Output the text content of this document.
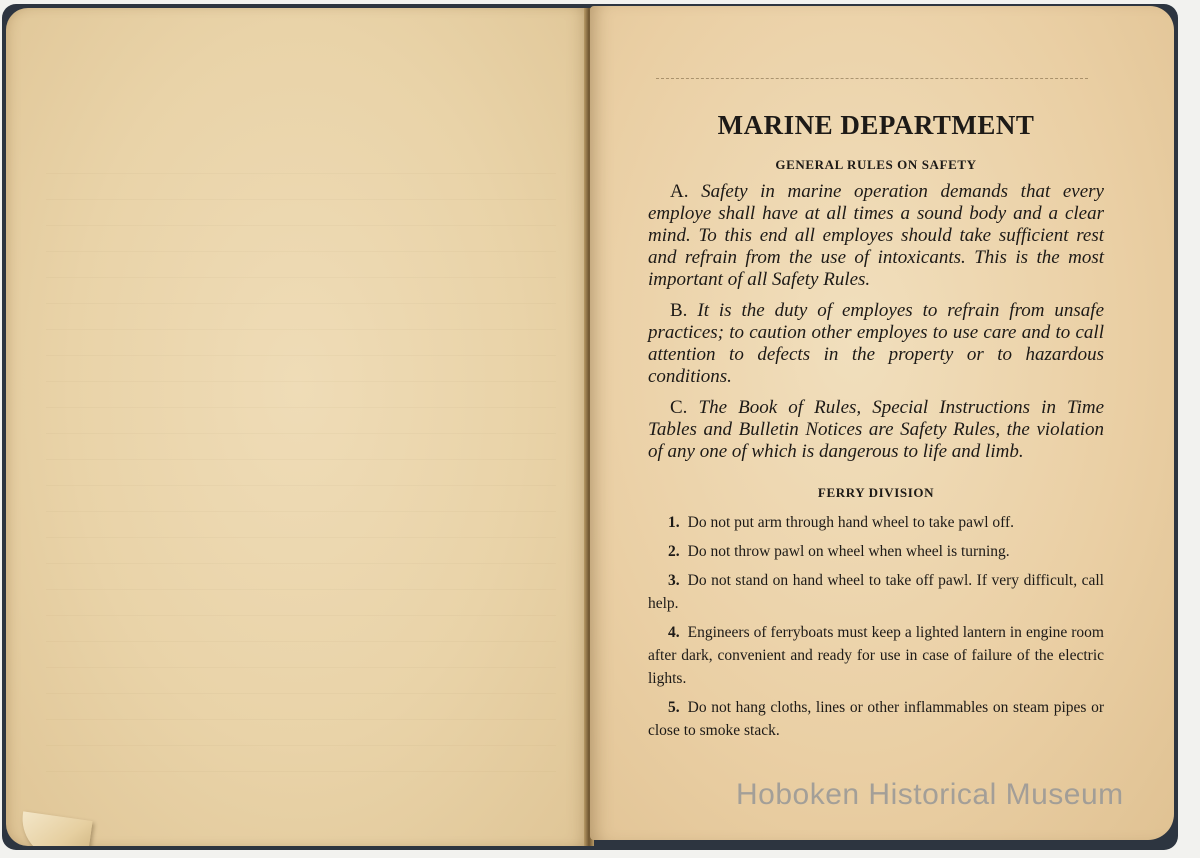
MARINE DEPARTMENT
GENERAL RULES ON SAFETY

A. Safety in marine operation demands that every employe shall have at all times a sound body and a clear mind. To this end all employes should take sufficient rest and refrain from the use of intoxicants. This is the most important of all Safety Rules.

B. It is the duty of employes to refrain from unsafe practices; to caution other employes to use care and to call attention to defects in the property or to hazardous conditions.

C. The Book of Rules, Special Instructions in Time Tables and Bulletin Notices are Safety Rules, the violation of any one of which is dangerous to life and limb.

FERRY DIVISION

1. Do not put arm through hand wheel to take pawl off.

2. Do not throw pawl on wheel when wheel is turning.

3. Do not stand on hand wheel to take off pawl. If very difficult, call help.

4. Engineers of ferryboats must keep a lighted lantern in engine room after dark, convenient and ready for use in case of failure of the electric lights.

5. Do not hang cloths, lines or other inflammables on steam pipes or close to smoke stack.

Hoboken Historical Museum
